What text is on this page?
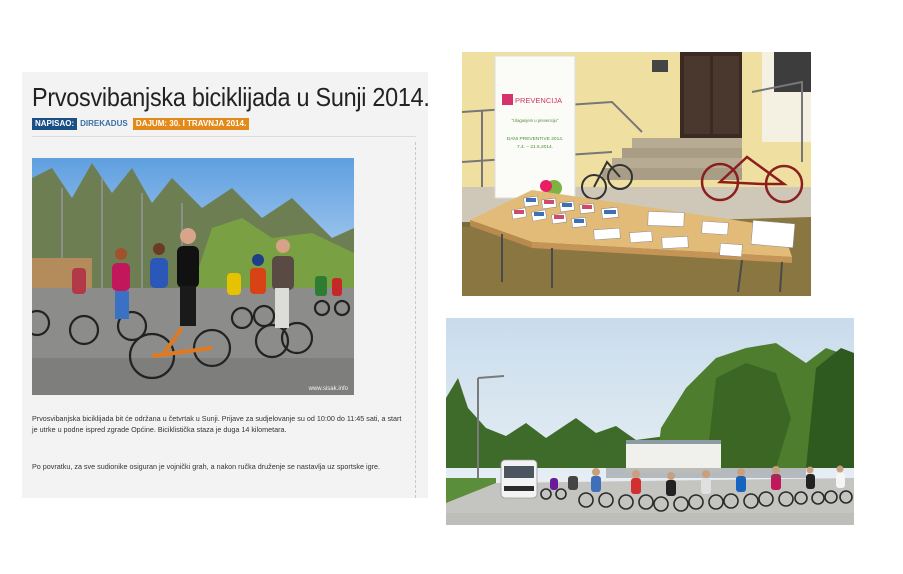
Prvosvibanjska biciklijada u Sunji 2014.
NAPISAO: DIREKADUS DAJUM: 30. I TRAVNJA 2014.
www.sisak.info
Prvosvibanjska biciklijada bit će održana u četvrtak u Sunji. Prijave za sudjelovanje su od 10:00 do 11:45 sati, a start je utrke u podne ispred zgrade Općine. Biciklistička staza je duga 14 kilometara.
Po povratku, za sve sudionike osiguran je vojnički grah, a nakon ručka druženje se nastavlja uz sportske igre.
PREVENCIJA
"Ulaganjem u prevenciju"
DANI PREVENTIVE 2014.
7.4. – 21.5.2014.
